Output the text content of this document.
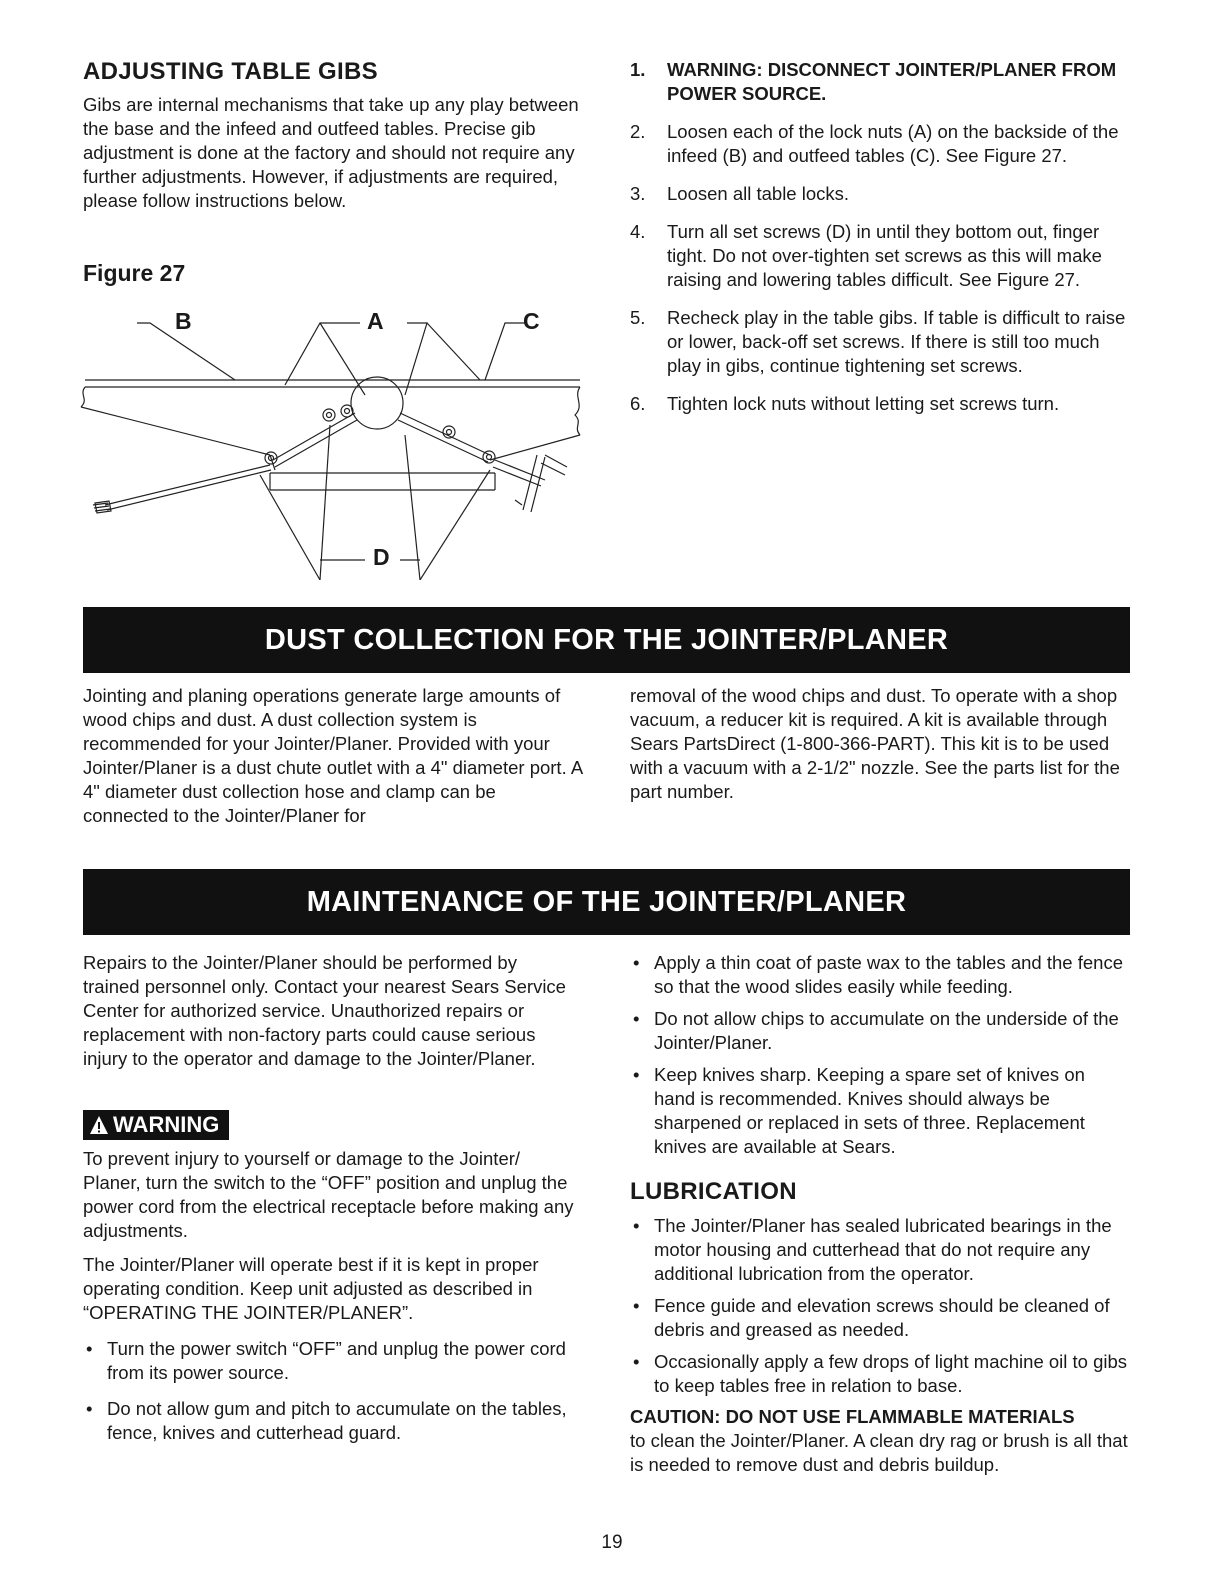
ADJUSTING TABLE GIBS
Gibs are internal mechanisms that take up any play between the base and the infeed and outfeed tables. Precise gib adjustment is done at the factory and should not require any further adjustments. However, if adjustments are required, please follow instructions below.
Figure 27
B	A	C
D
1. WARNING: DISCONNECT JOINTER/PLANER FROM POWER SOURCE.
2. Loosen each of the lock nuts (A) on the backside of the infeed (B) and outfeed tables (C). See Figure 27.
3. Loosen all table locks.
4. Turn all set screws (D) in until they bottom out, finger tight. Do not over-tighten set screws as this will make raising and lowering tables difficult. See Figure 27.
5. Recheck play in the table gibs. If table is difficult to raise or lower, back-off set screws. If there is still too much play in gibs, continue tightening set screws.
6. Tighten lock nuts without letting set screws turn.
DUST COLLECTION FOR THE JOINTER/PLANER
Jointing and planing operations generate large amounts of wood chips and dust. A dust collection system is recommended for your Jointer/Planer. Provided with your Jointer/Planer is a dust chute outlet with a 4" diameter port. A 4" diameter dust collection hose and clamp can be connected to the Jointer/Planer for
removal of the wood chips and dust. To operate with a shop vacuum, a reducer kit is required. A kit is available through Sears PartsDirect (1-800-366-PART). This kit is to be used with a vacuum with a 2-1/2" nozzle. See the parts list for the part number.
MAINTENANCE OF THE JOINTER/PLANER
Repairs to the Jointer/Planer should be performed by trained personnel only. Contact your nearest Sears Service Center for authorized service. Unauthorized repairs or replacement with non-factory parts could cause serious injury to the operator and damage to the Jointer/Planer.
WARNING
To prevent injury to yourself or damage to the Jointer/ Planer, turn the switch to the “OFF” position and unplug the power cord from the electrical receptacle before making any adjustments.
The Jointer/Planer will operate best if it is kept in proper operating condition. Keep unit adjusted as described in “OPERATING THE JOINTER/PLANER”.
• Turn the power switch “OFF” and unplug the power cord from its power source.
• Do not allow gum and pitch to accumulate on the tables, fence, knives and cutterhead guard.
• Apply a thin coat of paste wax to the tables and the fence so that the wood slides easily while feeding.
• Do not allow chips to accumulate on the underside of the Jointer/Planer.
• Keep knives sharp. Keeping a spare set of knives on hand is recommended. Knives should always be sharpened or replaced in sets of three. Replacement knives are available at Sears.
LUBRICATION
• The Jointer/Planer has sealed lubricated bearings in the motor housing and cutterhead that do not require any additional lubrication from the operator.
• Fence guide and elevation screws should be cleaned of debris and greased as needed.
• Occasionally apply a few drops of light machine oil to gibs to keep tables free in relation to base.
CAUTION: DO NOT USE FLAMMABLE MATERIALS
to clean the Jointer/Planer. A clean dry rag or brush is all that is needed to remove dust and debris buildup.
19
